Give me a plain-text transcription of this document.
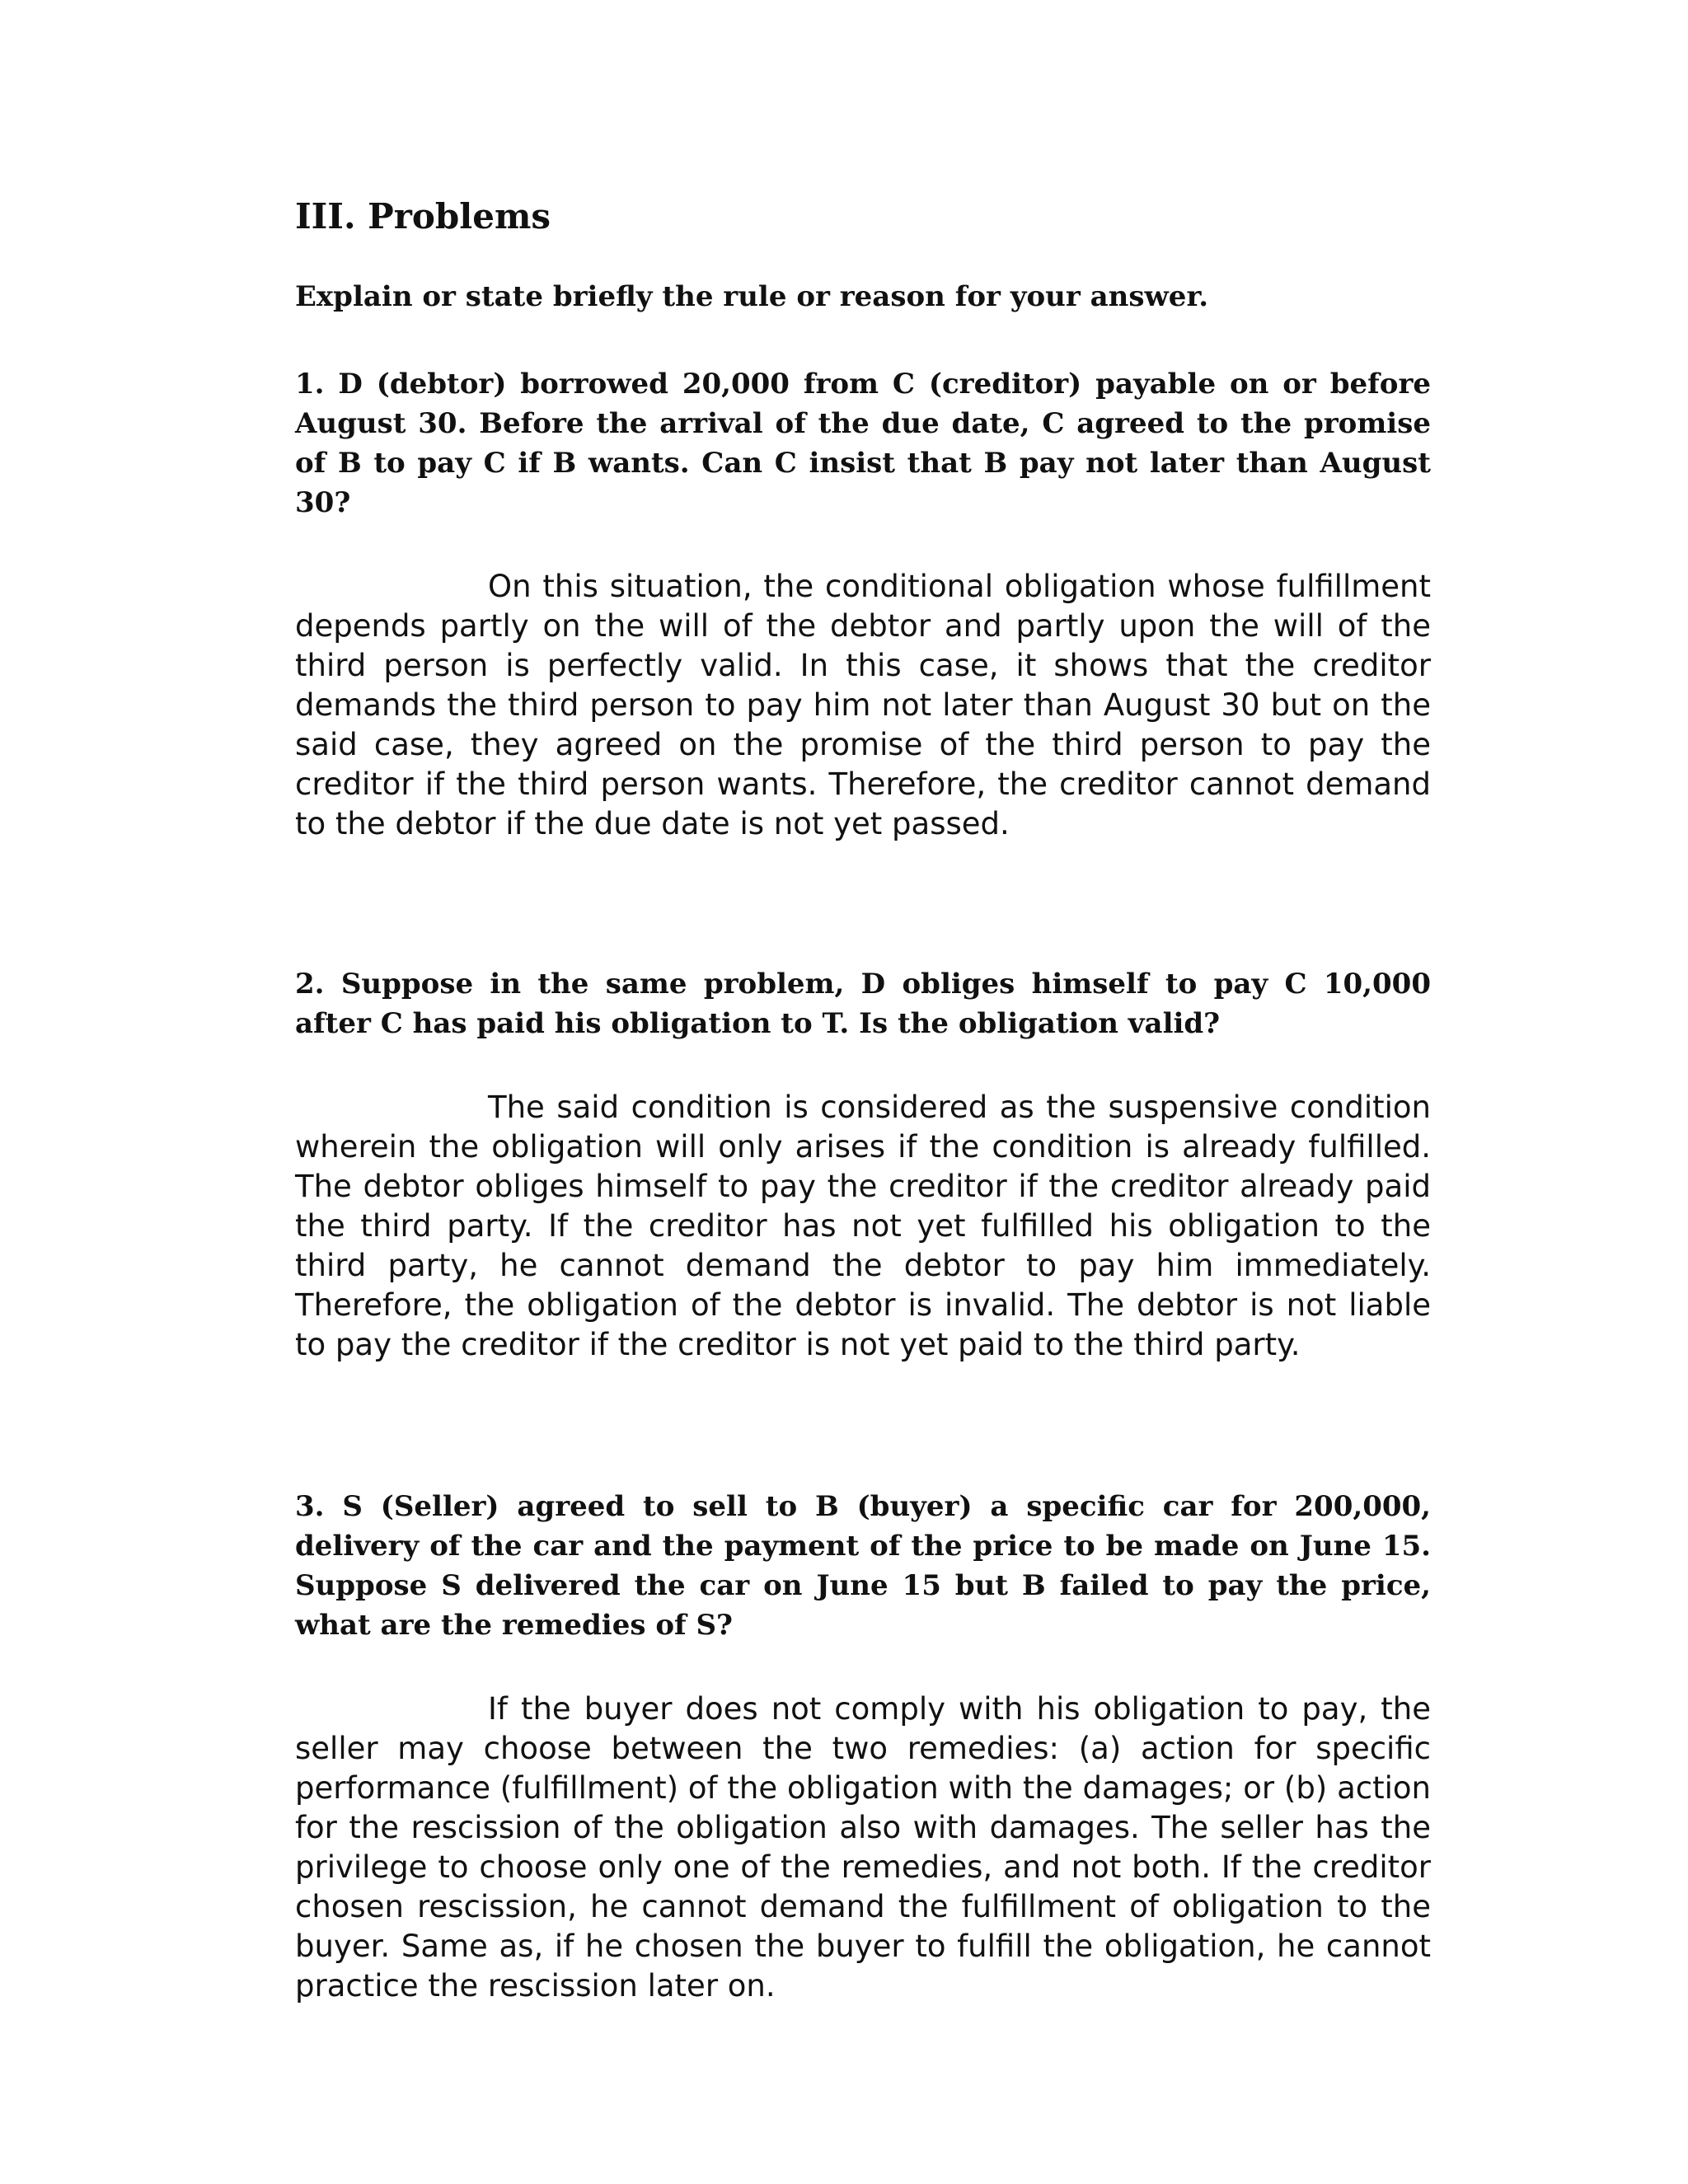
III. Problems

Explain or state briefly the rule or reason for your answer.

1. D (debtor) borrowed 20,000 from C (creditor) payable on or before August 30. Before the arrival of the due date, C agreed to the promise of B to pay C if B wants. Can C insist that B pay not later than August 30?

On this situation, the conditional obligation whose fulfillment depends partly on the will of the debtor and partly upon the will of the third person is perfectly valid. In this case, it shows that the creditor demands the third person to pay him not later than August 30 but on the said case, they agreed on the promise of the third person to pay the creditor if the third person wants. Therefore, the creditor cannot demand to the debtor if the due date is not yet passed.

2. Suppose in the same problem, D obliges himself to pay C 10,000 after C has paid his obligation to T. Is the obligation valid?

The said condition is considered as the suspensive condition wherein the obligation will only arises if the condition is already fulfilled. The debtor obliges himself to pay the creditor if the creditor already paid the third party. If the creditor has not yet fulfilled his obligation to the third party, he cannot demand the debtor to pay him immediately. Therefore, the obligation of the debtor is invalid. The debtor is not liable to pay the creditor if the creditor is not yet paid to the third party.

3. S (Seller) agreed to sell to B (buyer) a specific car for 200,000, delivery of the car and the payment of the price to be made on June 15. Suppose S delivered the car on June 15 but B failed to pay the price, what are the remedies of S?

If the buyer does not comply with his obligation to pay, the seller may choose between the two remedies: (a) action for specific performance (fulfillment) of the obligation with the damages; or (b) action for the rescission of the obligation also with damages. The seller has the privilege to choose only one of the remedies, and not both. If the creditor chosen rescission, he cannot demand the fulfillment of obligation to the buyer. Same as, if he chosen the buyer to fulfill the obligation, he cannot practice the rescission later on.
